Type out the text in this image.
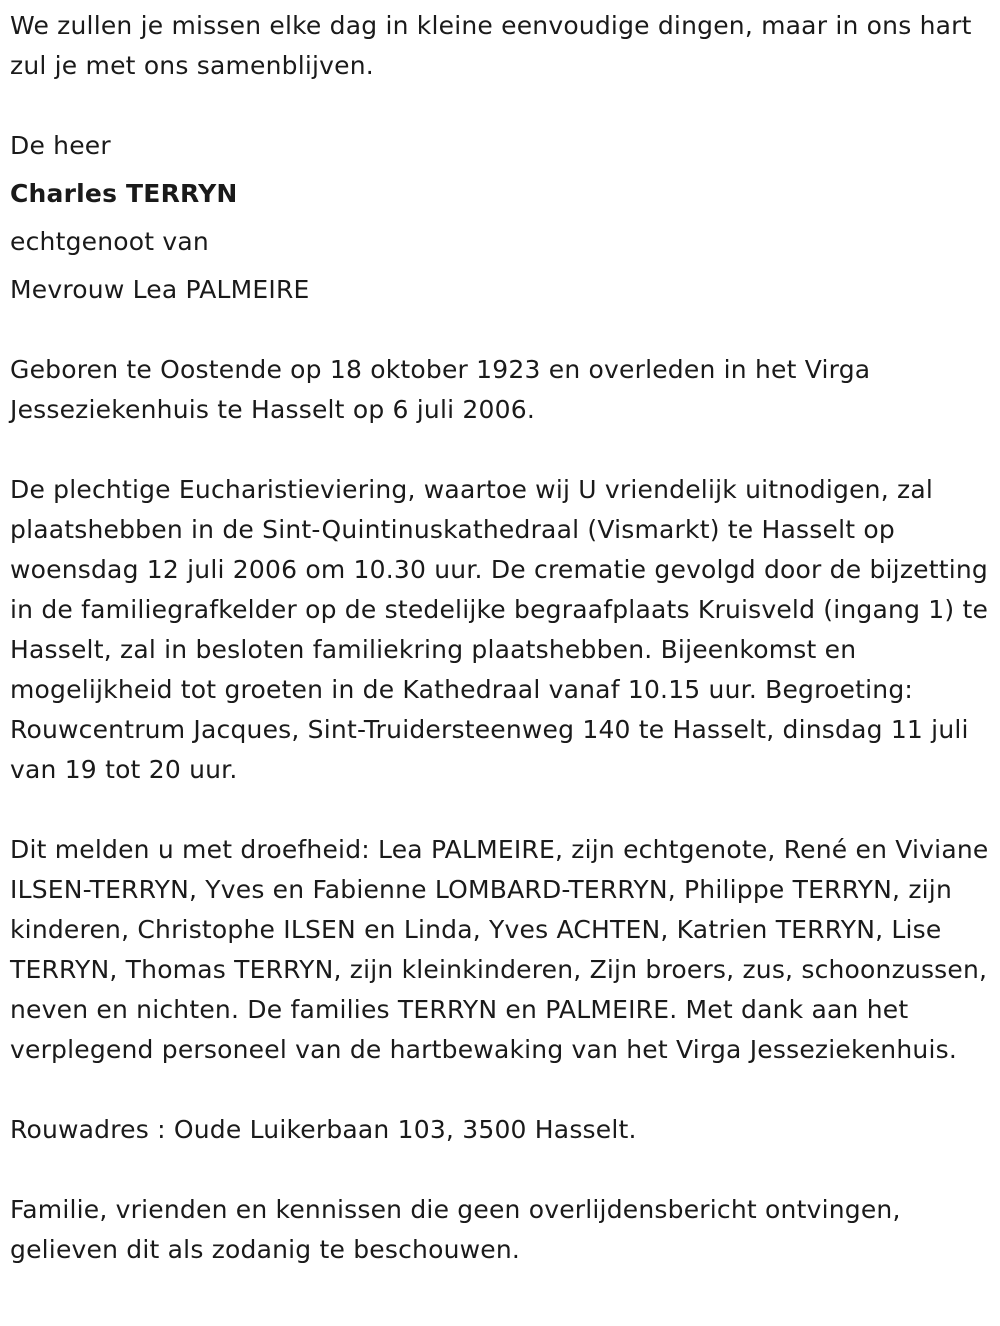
We zullen je missen elke dag in kleine eenvoudige dingen, maar in ons hart zul je met ons samenblijven.

De heer

Charles TERRYN

echtgenoot van

Mevrouw Lea PALMEIRE

Geboren te Oostende op 18 oktober 1923 en overleden in het Virga Jesseziekenhuis te Hasselt op 6 juli 2006.

De plechtige Eucharistieviering, waartoe wij U vriendelijk uitnodigen, zal plaatshebben in de Sint-Quintinuskathedraal (Vismarkt) te Hasselt op woensdag 12 juli 2006 om 10.30 uur. De crematie gevolgd door de bijzetting in de familiegrafkelder op de stedelijke begraafplaats Kruisveld (ingang 1) te Hasselt, zal in besloten familiekring plaatshebben. Bijeenkomst en mogelijkheid tot groeten in de Kathedraal vanaf 10.15 uur. Begroeting: Rouwcentrum Jacques, Sint-Truidersteenweg 140 te Hasselt, dinsdag 11 juli van 19 tot 20 uur.

Dit melden u met droefheid: Lea PALMEIRE, zijn echtgenote, René en Viviane ILSEN-TERRYN, Yves en Fabienne LOMBARD-TERRYN, Philippe TERRYN, zijn kinderen, Christophe ILSEN en Linda, Yves ACHTEN, Katrien TERRYN, Lise TERRYN, Thomas TERRYN, zijn kleinkinderen, Zijn broers, zus, schoonzussen, neven en nichten. De families TERRYN en PALMEIRE. Met dank aan het verplegend personeel van de hartbewaking van het Virga Jesseziekenhuis.

Rouwadres : Oude Luikerbaan 103, 3500 Hasselt.

Familie, vrienden en kennissen die geen overlijdensbericht ontvingen, gelieven dit als zodanig te beschouwen.
